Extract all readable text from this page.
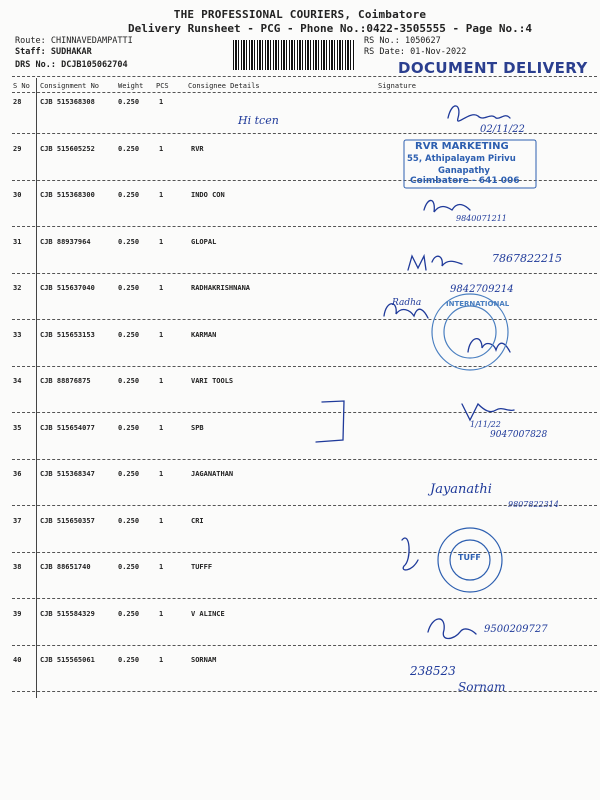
THE PROFESSIONAL COURIERS, Coimbatore
Delivery Runsheet - PCG - Phone No.:0422-3505555 - Page No.:4
Route: CHINNAVEDAMPATTI
Staff: SUDHAKAR
DRS No.: DCJB105062704
RS No.: 1050627
RS Date: 01-Nov-2022
DOCUMENT DELIVERY
S No Consignment No	Weight PCS	Consignee Details	Signature
28	CJB 515368308	0.250	1
29	CJB 515605252	0.250	1	RVR
30	CJB 515368300	0.250	1	INDO CON
31	CJB 88937964	0.250	1	GLOPAL
32	CJB 515637040	0.250	1	RADHAKRISHNANA
33	CJB 515653153	0.250	1	KARMAN
34	CJB 88876875	0.250	1	VARI TOOLS
35	CJB 515654077	0.250	1	SPB
36	CJB 515368347	0.250	1	JAGANATHAN
37	CJB 515650357	0.250	1	CRI
38	CJB 88651740	0.250	1	TUFFF
39	CJB 515584329	0.250	1	V ALINCE
40	CJB 515565061	0.250	1	SORNAM
RVR MARKETING
55, Athipalayam Pirivu
Ganapathy
Coimbatore - 641 006
INTERNATIONAL
TUFF
Hi tcen
02/11/22
9840071211
7867822215
9842709214
Radha
1/11/22
9047007828
Jayanathi
9807822314
9500209727
238523
Sornam
